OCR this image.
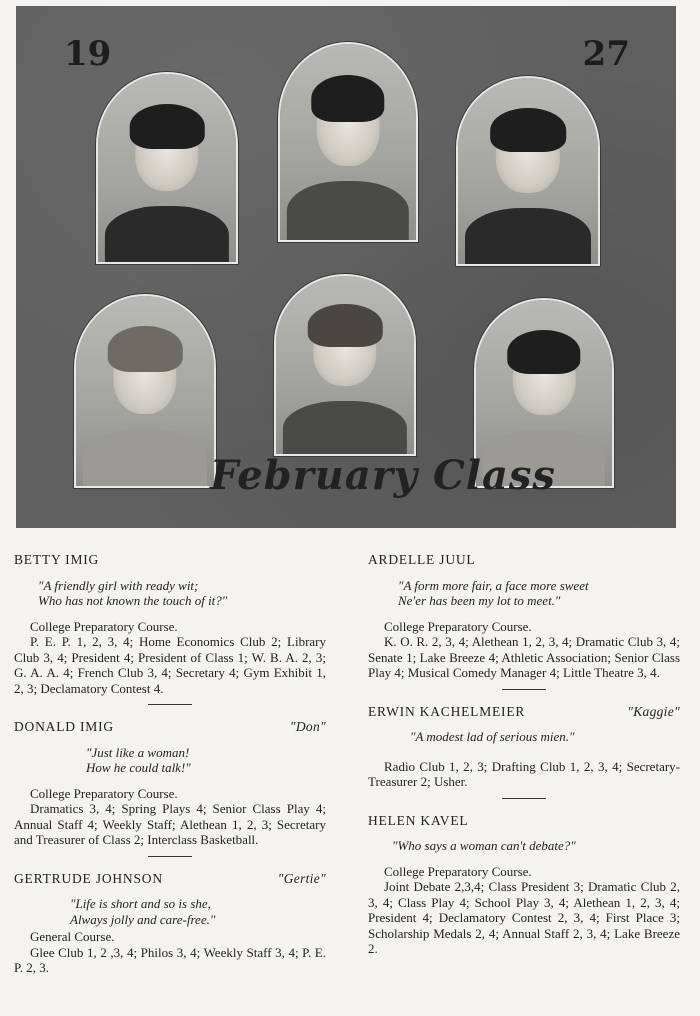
19	27
February Class
BETTY IMIG
"A friendly girl with ready wit;
Who has not known the touch of it?"
College Preparatory Course.
P. E. P. 1, 2, 3, 4; Home Economics Club 2; Library Club 3, 4; President 4; President of Class 1; W. B. A. 2, 3; G. A. A. 4; French Club 3, 4; Secretary 4; Gym Exhibit 1, 2, 3; Declamatory Contest 4.
DONALD IMIG	"Don"
"Just like a woman!
How he could talk!"
College Preparatory Course.
Dramatics 3, 4; Spring Plays 4; Senior Class Play 4; Annual Staff 4; Weekly Staff; Alethean 1, 2, 3; Secretary and Treasurer of Class 2; Interclass Basketball.
GERTRUDE JOHNSON	"Gertie"
"Life is short and so is she,
Always jolly and care-free."
General Course.
Glee Club 1, 2 ,3, 4; Philos 3, 4; Weekly Staff 3, 4; P. E. P. 2, 3.
ARDELLE JUUL
"A form more fair, a face more sweet
Ne'er has been my lot to meet."
College Preparatory Course.
K. O. R. 2, 3, 4; Alethean 1, 2, 3, 4; Dramatic Club 3, 4; Senate 1; Lake Breeze 4; Athletic Association; Senior Class Play 4; Musical Comedy Manager 4; Little Theatre 3, 4.
ERWIN KACHELMEIER	"Kaggie"
"A modest lad of serious mien."
Radio Club 1, 2, 3; Drafting Club 1, 2, 3, 4; Secretary-Treasurer 2; Usher.
HELEN KAVEL
"Who says a woman can't debate?"
College Preparatory Course.
Joint Debate 2,3,4; Class President 3; Dramatic Club 2, 3, 4; Class Play 4; School Play 3, 4; Alethean 1, 2, 3, 4; President 4; Declamatory Contest 2, 3, 4; First Place 3; Scholarship Medals 2, 4; Annual Staff 2, 3, 4; Lake Breeze 2.
